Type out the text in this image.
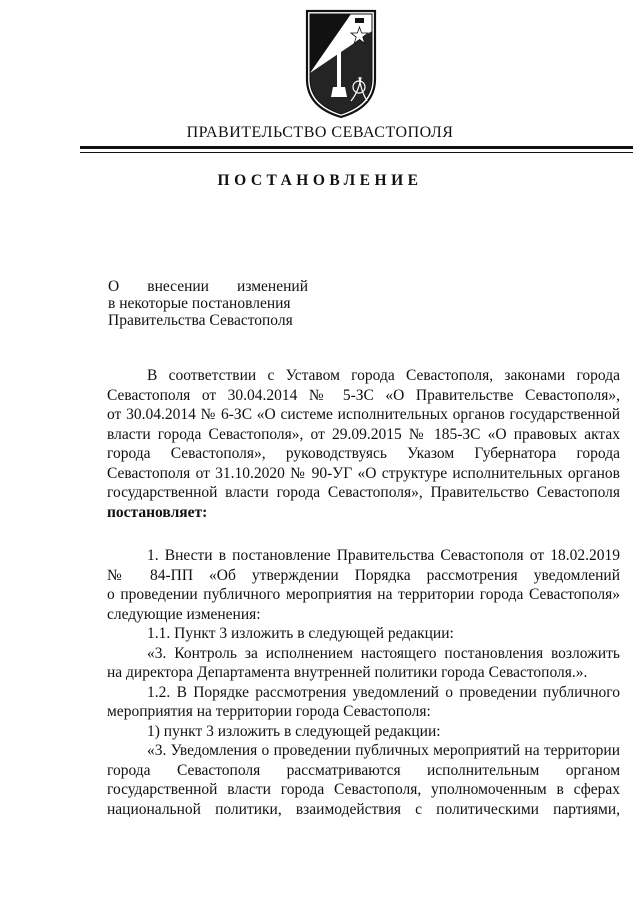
ПРАВИТЕЛЬСТВО СЕВАСТОПОЛЯ
ПОСТАНОВЛЕНИЕ
О внесении изменений
в некоторые постановления
Правительства Севастополя
В соответствии с Уставом города Севастополя, законами города
Севастополя от 30.04.2014 № 5-ЗС «О Правительстве Севастополя»,
от 30.04.2014 № 6-ЗС «О системе исполнительных органов государственной
власти города Севастополя», от 29.09.2015 № 185-ЗС «О правовых актах
города Севастополя», руководствуясь Указом Губернатора города
Севастополя от 31.10.2020 № 90-УГ «О структуре исполнительных органов
государственной власти города Севастополя», Правительство Севастополя
постановляет:
1. Внести в постановление Правительства Севастополя от 18.02.2019
№ 84-ПП «Об утверждении Порядка рассмотрения уведомлений
о проведении публичного мероприятия на территории города Севастополя»
следующие изменения:
1.1. Пункт 3 изложить в следующей редакции:
«3. Контроль за исполнением настоящего постановления возложить
на директора Департамента внутренней политики города Севастополя.».
1.2. В Порядке рассмотрения уведомлений о проведении публичного
мероприятия на территории города Севастополя:
1) пункт 3 изложить в следующей редакции:
«3. Уведомления о проведении публичных мероприятий на территории
города Севастополя рассматриваются исполнительным органом
государственной власти города Севастополя, уполномоченным в сферах
национальной политики, взаимодействия с политическими партиями,
